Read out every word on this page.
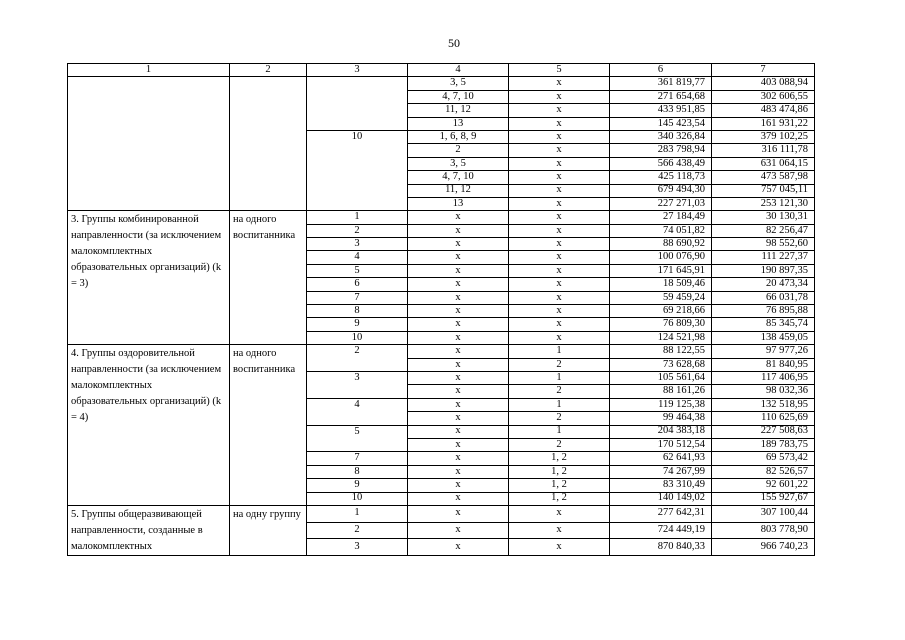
50
1	2	3	4	5	6	7
			3, 5	x	361 819,77	403 088,94
			4, 7, 10	x	271 654,68	302 606,55
			11, 12	x	433 951,85	483 474,86
			13	x	145 423,54	161 931,22
		10	1, 6, 8, 9	x	340 326,84	379 102,25
			2	x	283 798,94	316 111,78
			3, 5	x	566 438,49	631 064,15
			4, 7, 10	x	425 118,73	473 587,98
			11, 12	x	679 494,30	757 045,11
			13	x	227 271,03	253 121,30
3. Группы комбинированной направленности (за исключением малокомплектных образовательных организаций) (k = 3)	на одного воспитанника	1	x	x	27 184,49	30 130,31
		2	x	x	74 051,82	82 256,47
		3	x	x	88 690,92	98 552,60
		4	x	x	100 076,90	111 227,37
		5	x	x	171 645,91	190 897,35
		6	x	x	18 509,46	20 473,34
		7	x	x	59 459,24	66 031,78
		8	x	x	69 218,66	76 895,88
		9	x	x	76 809,30	85 345,74
		10	x	x	124 521,98	138 459,05
4. Группы оздоровительной направленности (за исключением малокомплектных образовательных организаций) (k = 4)	на одного воспитанника	2	x	1	88 122,55	97 977,26
			x	2	73 628,68	81 840,95
		3	x	1	105 561,64	117 406,95
			x	2	88 161,26	98 032,36
		4	x	1	119 125,38	132 518,95
			x	2	99 464,38	110 625,69
		5	x	1	204 383,18	227 508,63
			x	2	170 512,54	189 783,75
		7	x	1, 2	62 641,93	69 573,42
		8	x	1, 2	74 267,99	82 526,57
		9	x	1, 2	83 310,49	92 601,22
		10	x	1, 2	140 149,02	155 927,67
5. Группы общеразвивающей направленности, созданные в малокомплектных	на одну группу	1	x	x	277 642,31	307 100,44
		2	x	x	724 449,19	803 778,90
		3	x	x	870 840,33	966 740,23
